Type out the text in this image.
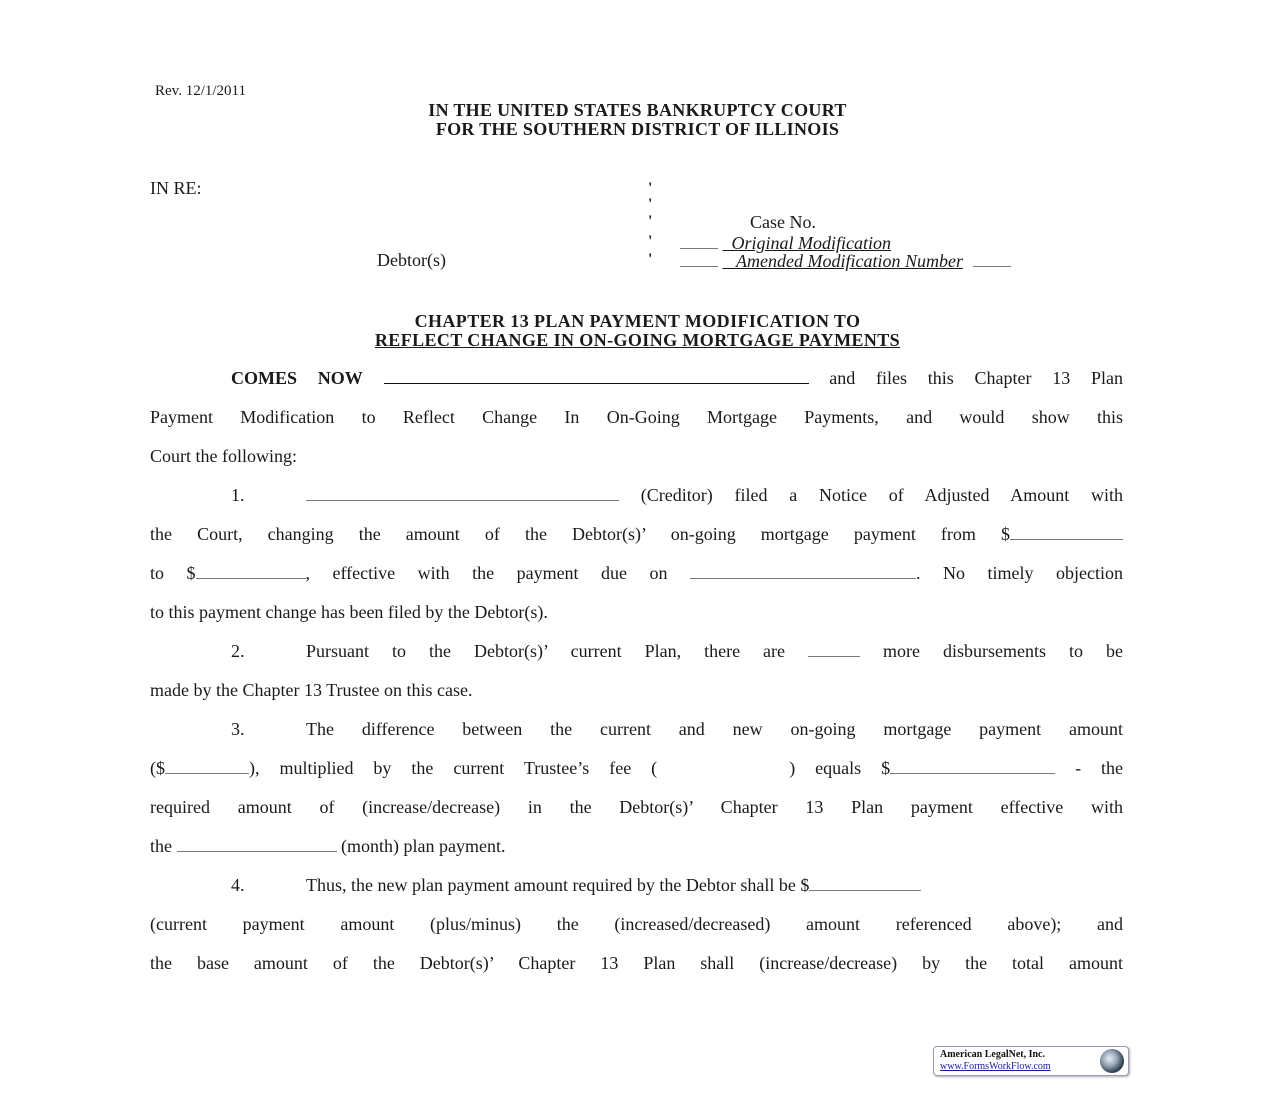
Rev. 12/1/2011
IN THE UNITED STATES BANKRUPTCY COURT
FOR THE SOUTHERN DISTRICT OF ILLINOIS
IN RE:
Debtor(s)
'
'
'
'
'
Case No.
Original Modification
Amended Modification Number
CHAPTER 13 PLAN PAYMENT MODIFICATION TO
REFLECT CHANGE IN ON-GOING MORTGAGE PAYMENTS
COMES NOW	and files this Chapter 13 Plan
Payment Modification to Reflect Change In On-Going Mortgage Payments, and would show this
Court the following:
1.	(Creditor) filed a Notice of Adjusted Amount with
the Court, changing the amount of the Debtor(s)’ on-going mortgage payment from $
to $	, effective with the payment due on	. No timely objection
to this payment change has been filed by the Debtor(s).
2.	Pursuant to the Debtor(s)’ current Plan, there are	more disbursements to be
made by the Chapter 13 Trustee on this case.
3.	The difference between the current and new on-going mortgage payment amount
($	), multiplied by the current Trustee’s fee (	) equals $	- the
required amount of (increase/decrease) in the Debtor(s)’ Chapter 13 Plan payment effective with
the	(month) plan payment.
4.	Thus, the new plan payment amount required by the Debtor shall be $
(current payment amount (plus/minus) the (increased/decreased) amount referenced above); and
the base amount of the Debtor(s)’ Chapter 13 Plan shall (increase/decrease) by the total amount
American LegalNet, Inc.
www.FormsWorkFlow.com
